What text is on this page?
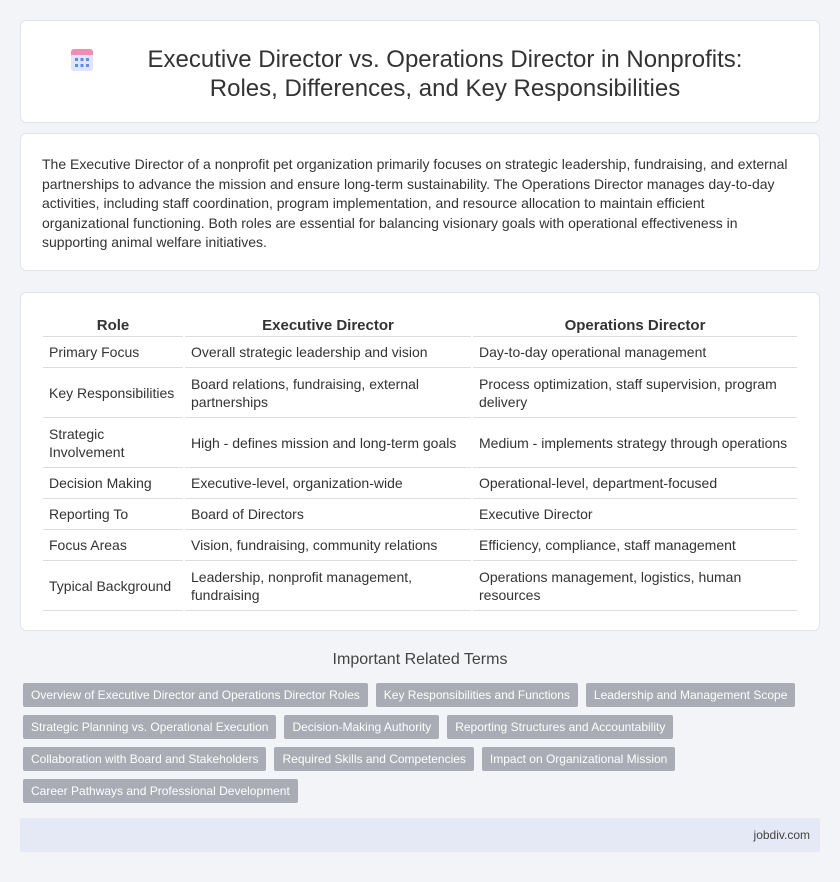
Executive Director vs. Operations Director in Nonprofits: Roles, Differences, and Key Responsibilities

The Executive Director of a nonprofit pet organization primarily focuses on strategic leadership, fundraising, and external partnerships to advance the mission and ensure long-term sustainability. The Operations Director manages day-to-day activities, including staff coordination, program implementation, and resource allocation to maintain efficient organizational functioning. Both roles are essential for balancing visionary goals with operational effectiveness in supporting animal welfare initiatives.

Role	Executive Director	Operations Director
Primary Focus	Overall strategic leadership and vision	Day-to-day operational management
Key Responsibilities	Board relations, fundraising, external partnerships	Process optimization, staff supervision, program delivery
Strategic Involvement	High - defines mission and long-term goals	Medium - implements strategy through operations
Decision Making	Executive-level, organization-wide	Operational-level, department-focused
Reporting To	Board of Directors	Executive Director
Focus Areas	Vision, fundraising, community relations	Efficiency, compliance, staff management
Typical Background	Leadership, nonprofit management, fundraising	Operations management, logistics, human resources
Important Related Terms
Overview of Executive Director and Operations Director Roles	Key Responsibilities and Functions	Leadership and Management Scope
Strategic Planning vs. Operational Execution	Decision-Making Authority	Reporting Structures and Accountability
Collaboration with Board and Stakeholders	Required Skills and Competencies	Impact on Organizational Mission
Career Pathways and Professional Development
jobdiv.com
